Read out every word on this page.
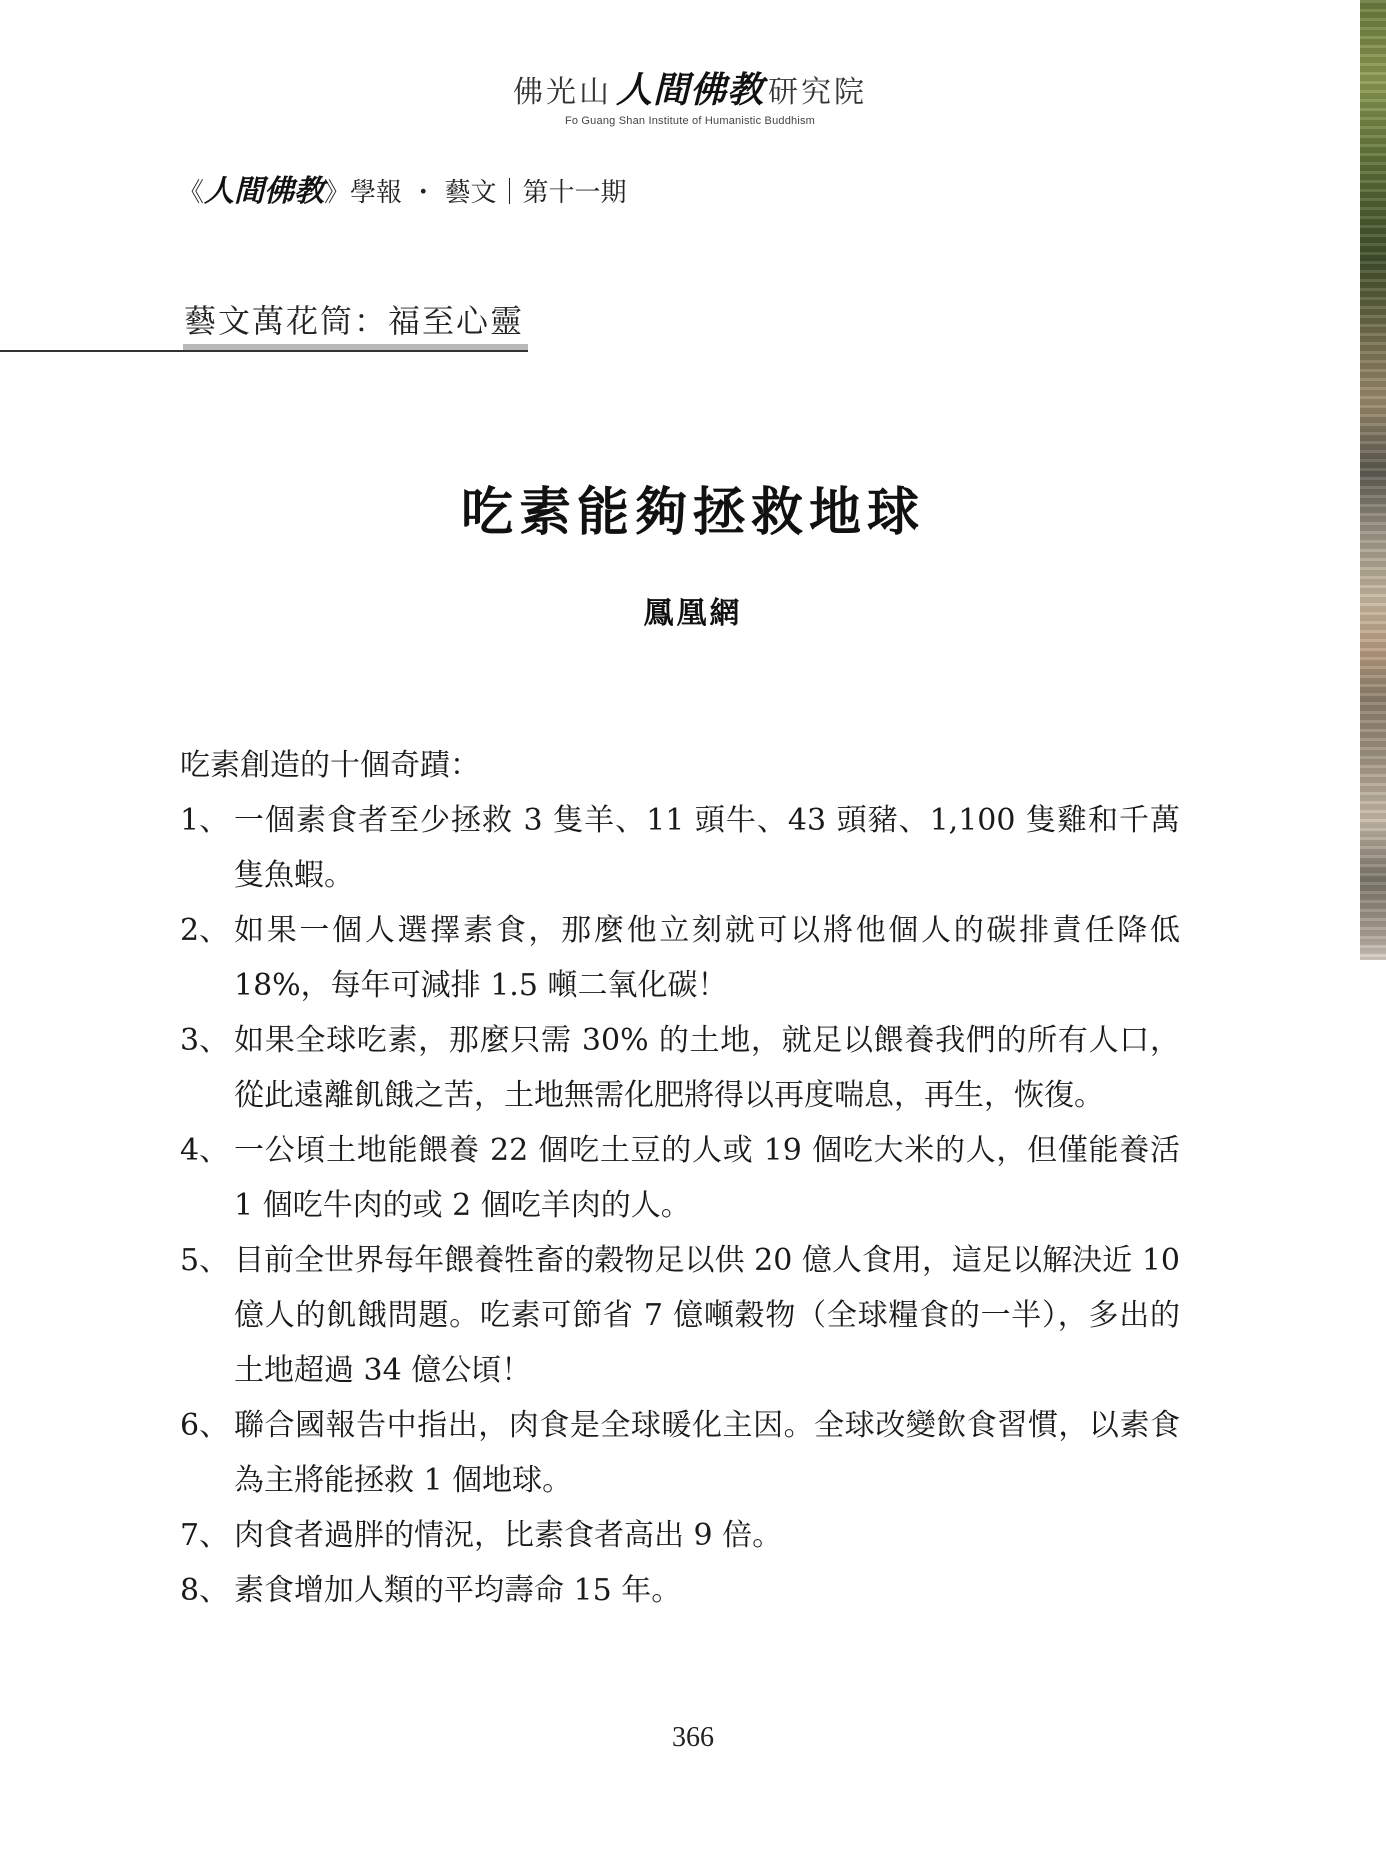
佛光山 人間佛教 研究院
Fo Guang Shan Institute of Humanistic Buddhism
《人間佛教》學報 ・ 藝文｜第十一期
藝文萬花筒：福至心靈
吃素能夠拯救地球
鳳凰網
吃素創造的十個奇蹟：
1、 一個素食者至少拯救 3 隻羊、11 頭牛、43 頭豬、1,100 隻雞和千萬隻魚蝦。
2、 如果一個人選擇素食，那麼他立刻就可以將他個人的碳排責任降低 18%，每年可減排 1.5 噸二氧化碳！
3、 如果全球吃素，那麼只需 30% 的土地，就足以餵養我們的所有人口，從此遠離飢餓之苦，土地無需化肥將得以再度喘息，再生，恢復。
4、 一公頃土地能餵養 22 個吃土豆的人或 19 個吃大米的人，但僅能養活 1 個吃牛肉的或 2 個吃羊肉的人。
5、 目前全世界每年餵養牲畜的穀物足以供 20 億人食用，這足以解決近 10 億人的飢餓問題。吃素可節省 7 億噸穀物（全球糧食的一半），多出的土地超過 34 億公頃！
6、 聯合國報告中指出，肉食是全球暖化主因。全球改變飲食習慣，以素食為主將能拯救 1 個地球。
7、 肉食者過胖的情況，比素食者高出 9 倍。
8、 素食增加人類的平均壽命 15 年。
366
